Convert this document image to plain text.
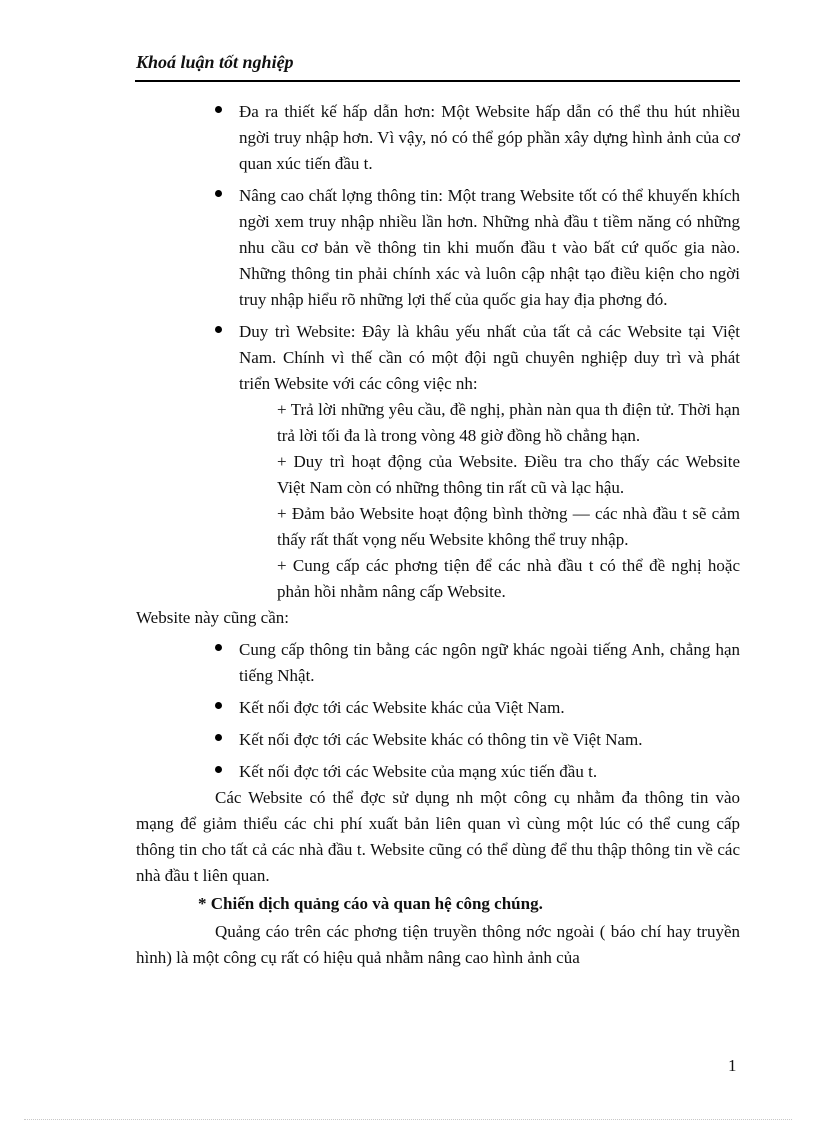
Khoá luận tốt nghiệp
Đa ra thiết kế hấp dẫn hơn: Một Website hấp dẫn có thể thu hút nhiều ngời truy nhập hơn. Vì vậy, nó có thể góp phần xây dựng hình ảnh của cơ quan xúc tiến đầu t.
Nâng cao chất lợng thông tin: Một trang Website tốt có thể khuyến khích ngời xem truy nhập nhiều lần hơn. Những nhà đầu t tiềm năng có những nhu cầu cơ bản về thông tin khi muốn đầu t vào bất cứ quốc gia nào. Những thông tin phải chính xác và luôn cập nhật tạo điều kiện cho ngời truy nhập hiểu rõ những lợi thế của quốc gia hay địa phơng đó.
Duy trì Website: Đây là khâu yếu nhất của tất cả các Website tại Việt Nam. Chính vì thế cần có một đội ngũ chuyên nghiệp duy trì và phát triển Website với các công việc nh:

+ Trả lời những yêu cầu, đề nghị, phàn nàn qua th điện tử. Thời hạn trả lời tối đa là trong vòng 48 giờ đồng hồ chẳng hạn.

+ Duy trì hoạt động của Website. Điều tra cho thấy các Website Việt Nam còn có những thông tin rất cũ và lạc hậu.

+ Đảm bảo Website hoạt động bình thờng — các nhà đầu t sẽ cảm thấy rất thất vọng nếu Website không thể truy nhập.

+ Cung cấp các phơng tiện để các nhà đầu t có thể đề nghị hoặc phản hồi nhằm nâng cấp Website.

Website này cũng cần:

Cung cấp thông tin bằng các ngôn ngữ khác ngoài tiếng Anh, chẳng hạn tiếng Nhật.
Kết nối đợc tới các Website khác của Việt Nam.
Kết nối đợc tới các Website khác có thông tin về Việt Nam.
Kết nối đợc tới các Website của mạng xúc tiến đầu t.

Các Website có thể đợc sử dụng nh một công cụ nhằm đa thông tin vào mạng để giảm thiểu các chi phí xuất bản liên quan vì cùng một lúc có thể cung cấp thông tin cho tất cả các nhà đầu t. Website cũng có thể dùng để thu thập thông tin về các nhà đầu t liên quan.

* Chiến dịch quảng cáo và quan hệ công chúng.

Quảng cáo trên các phơng tiện truyền thông nớc ngoài ( báo chí hay truyền hình) là một công cụ rất có hiệu quả nhằm nâng cao hình ảnh của

1
